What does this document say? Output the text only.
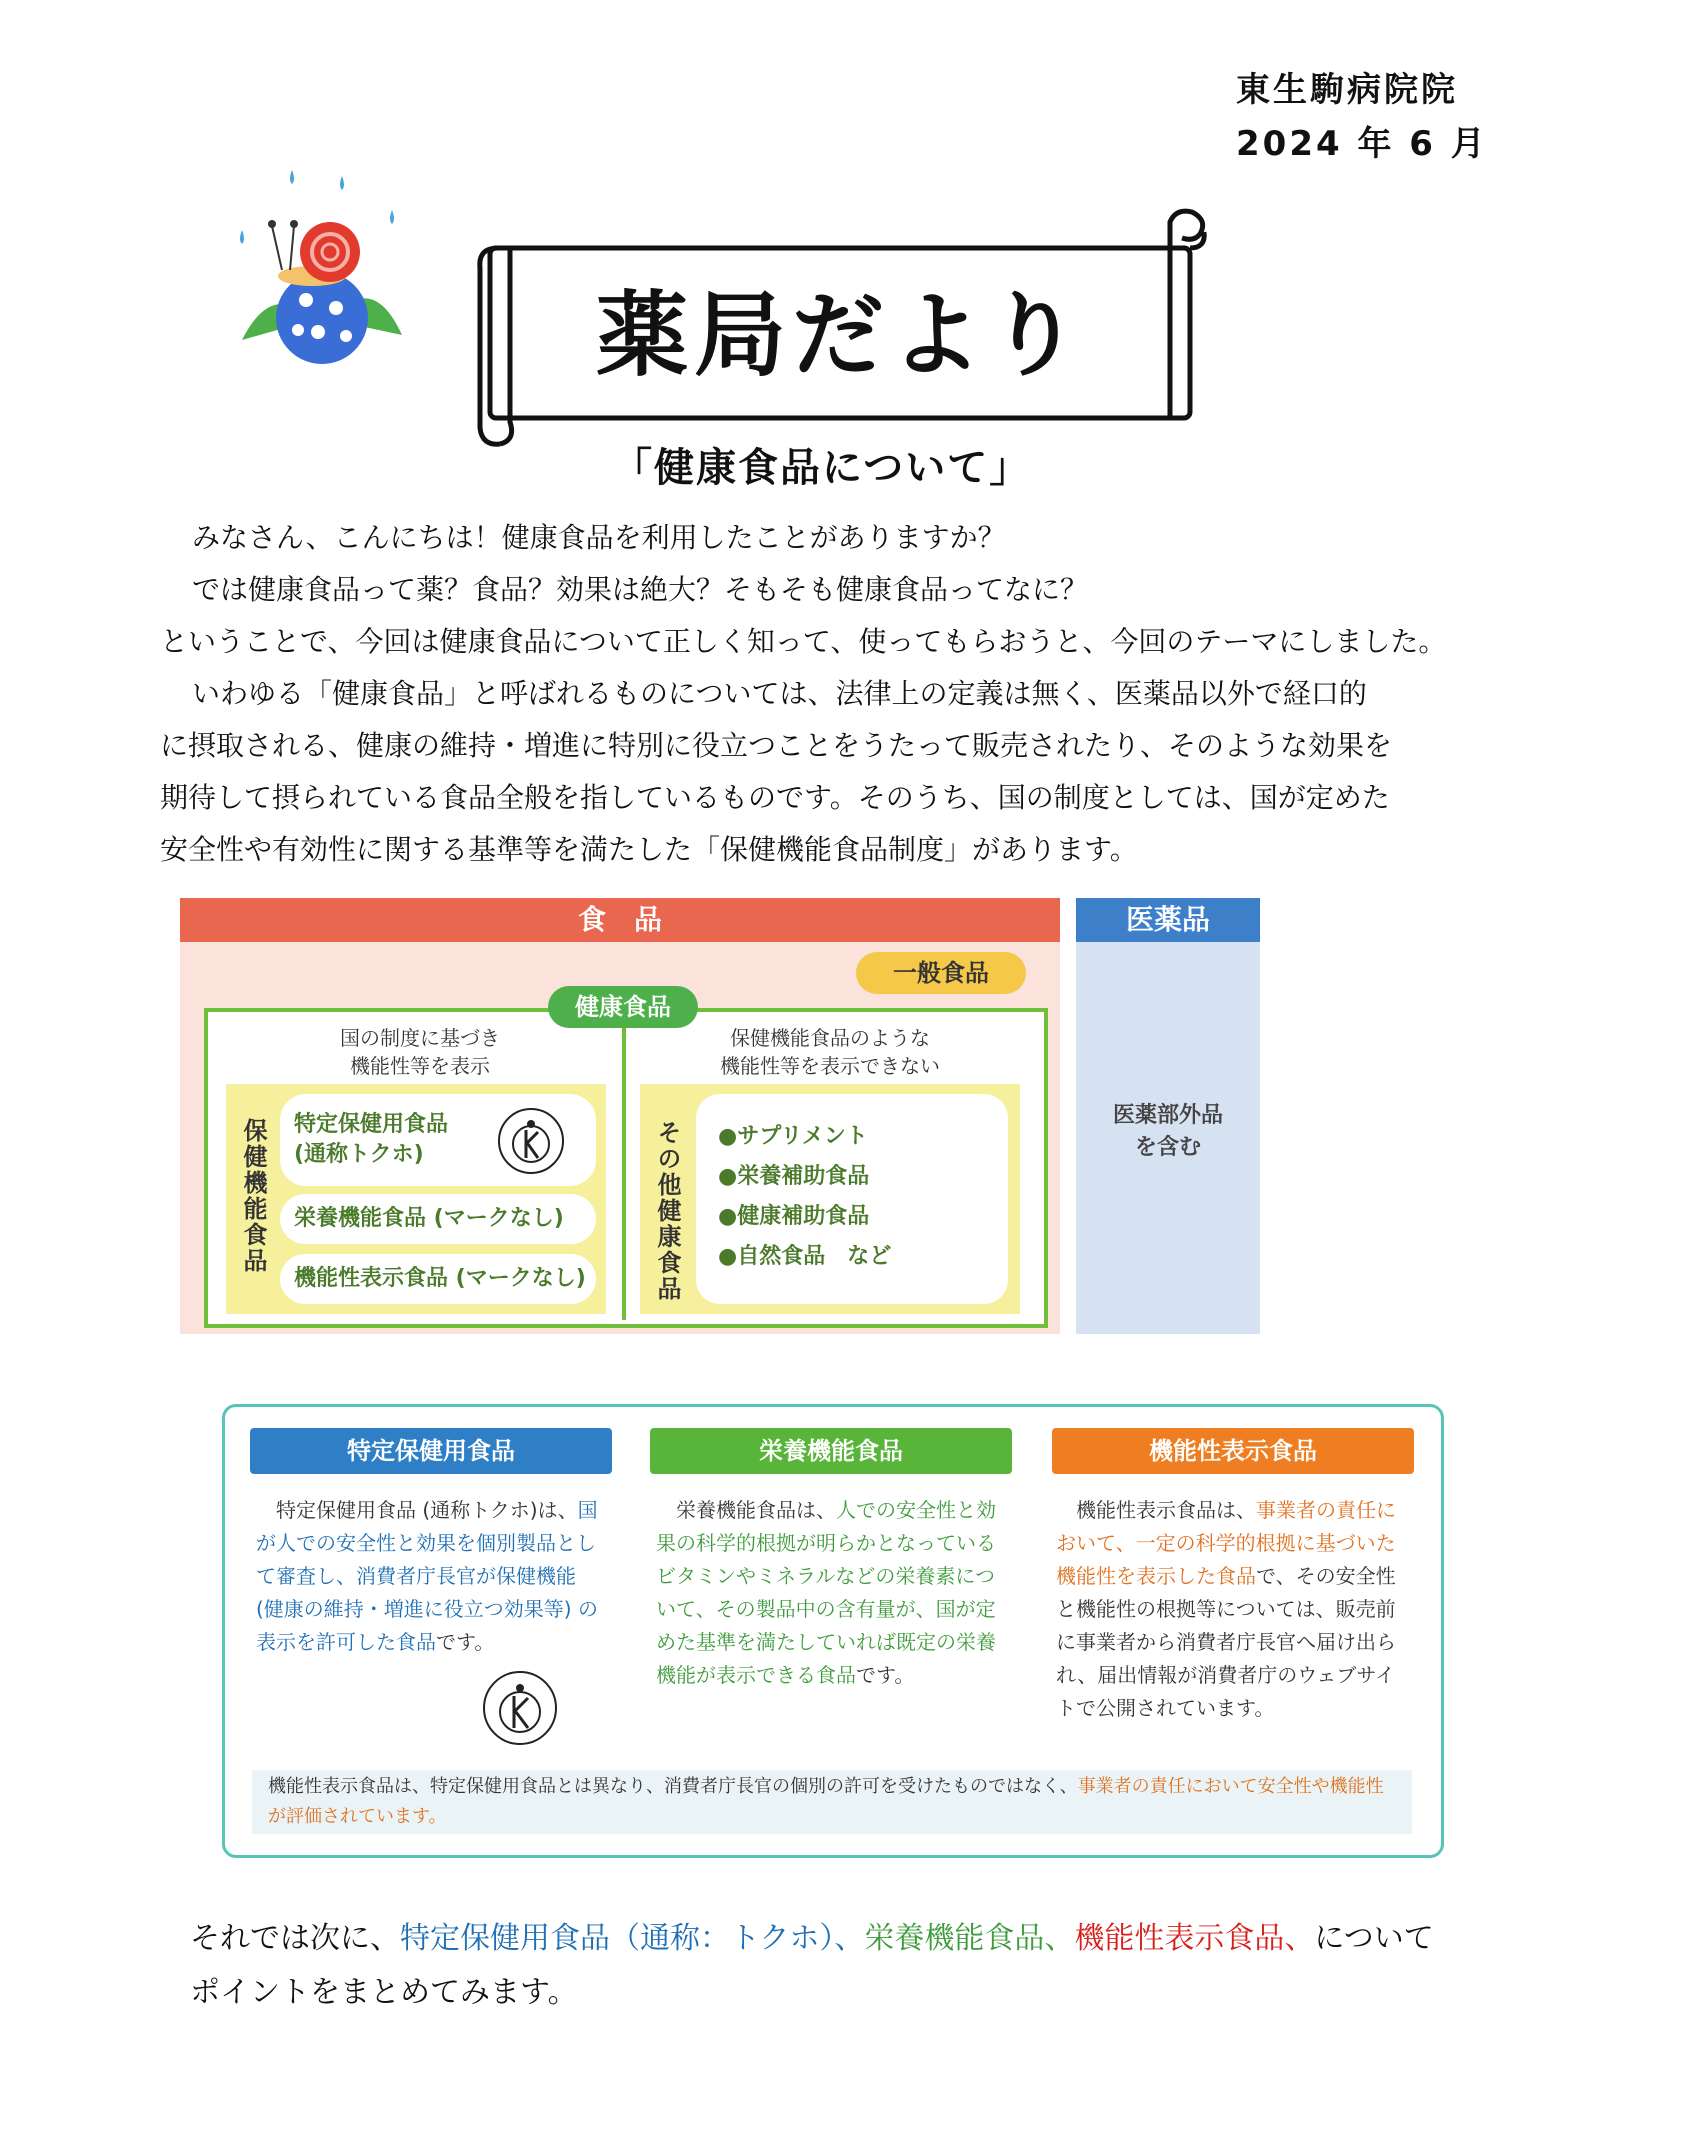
東生駒病院院
2024 年 6 月
薬局だより
「健康食品について」
みなさん、こんにちは！健康食品を利用したことがありますか？
では健康食品って薬？食品？効果は絶大？そもそも健康食品ってなに？
ということで、今回は健康食品について正しく知って、使ってもらおうと、今回のテーマにしました。
いわゆる「健康食品」と呼ばれるものについては、法律上の定義は無く、医薬品以外で経口的
に摂取される、健康の維持・増進に特別に役立つことをうたって販売されたり、そのような効果を
期待して摂られている食品全般を指しているものです。そのうち、国の制度としては、国が定めた
安全性や有効性に関する基準等を満たした「保健機能食品制度」があります。
食　品	医薬品
医薬部外品
を含む
一般食品
健康食品
国の制度に基づき
機能性等を表示
保健機能食品のような
機能性等を表示できない
保健機能食品 特定保健用食品
(通称トクホ)
栄養機能食品 (マークなし)
機能性表示食品 (マークなし)	その他健康食品 ●サプリメント
●栄養補助食品
●健康補助食品
●自然食品　など
特定保健用食品	栄養機能食品	機能性表示食品
　特定保健用食品 (通称トクホ)は、国が人での安全性と効果を個別製品として審査し、消費者庁長官が保健機能 (健康の維持・増進に役立つ効果等) の表示を許可した食品です。
　栄養機能食品は、人での安全性と効果の科学的根拠が明らかとなっているビタミンやミネラルなどの栄養素について、その製品中の含有量が、国が定めた基準を満たしていれば既定の栄養機能が表示できる食品です。
　機能性表示食品は、事業者の責任において、一定の科学的根拠に基づいた機能性を表示した食品で、その安全性と機能性の根拠等については、販売前に事業者から消費者庁長官へ届け出られ、届出情報が消費者庁のウェブサイトで公開されています。
機能性表示食品は、特定保健用食品とは異なり、消費者庁長官の個別の許可を受けたものではなく、事業者の責任において安全性や機能性が評価されています。
それでは次に、特定保健用食品（通称：トクホ）、栄養機能食品、機能性表示食品、について
ポイントをまとめてみます。
